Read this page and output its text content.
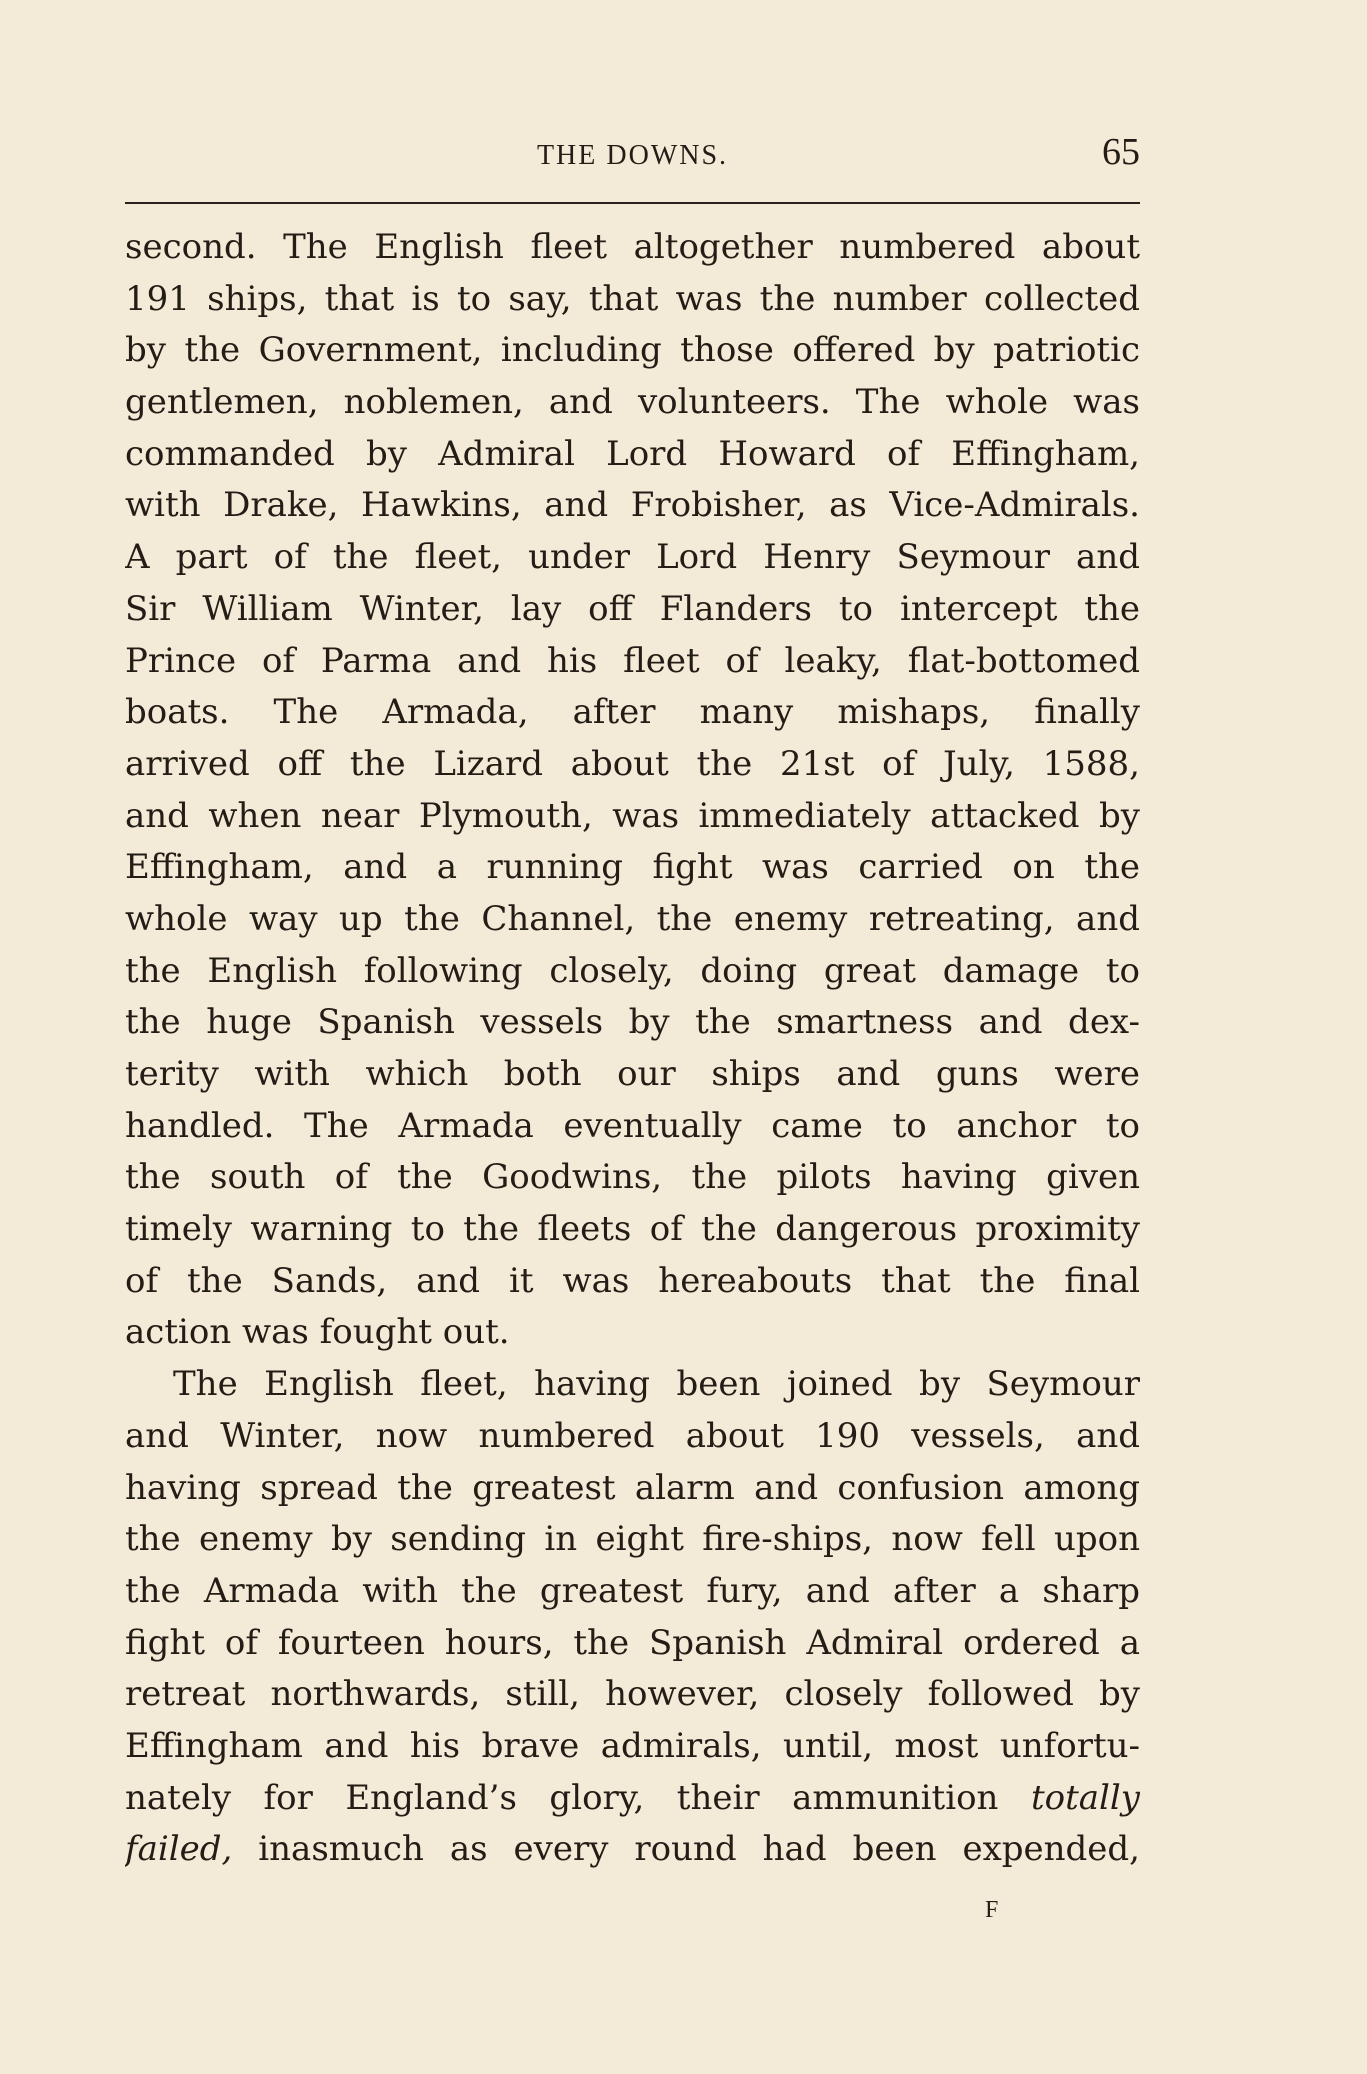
THE DOWNS.	65
second. The English fleet altogether numbered about
191 ships, that is to say, that was the number collected
by the Government, including those offered by patriotic
gentlemen, noblemen, and volunteers. The whole was
commanded by Admiral Lord Howard of Effingham,
with Drake, Hawkins, and Frobisher, as Vice-Admirals.
A part of the fleet, under Lord Henry Seymour and
Sir William Winter, lay off Flanders to intercept the
Prince of Parma and his fleet of leaky, flat-bottomed
boats. The Armada, after many mishaps, finally
arrived off the Lizard about the 21st of July, 1588,
and when near Plymouth, was immediately attacked by
Effingham, and a running fight was carried on the
whole way up the Channel, the enemy retreating, and
the English following closely, doing great damage to
the huge Spanish vessels by the smartness and dex-
terity with which both our ships and guns were
handled. The Armada eventually came to anchor to
the south of the Goodwins, the pilots having given
timely warning to the fleets of the dangerous proximity
of the Sands, and it was hereabouts that the final
action was fought out.
The English fleet, having been joined by Seymour
and Winter, now numbered about 190 vessels, and
having spread the greatest alarm and confusion among
the enemy by sending in eight fire-ships, now fell upon
the Armada with the greatest fury, and after a sharp
fight of fourteen hours, the Spanish Admiral ordered a
retreat northwards, still, however, closely followed by
Effingham and his brave admirals, until, most unfortu-
nately for England’s glory, their ammunition totally
failed, inasmuch as every round had been expended,
F
